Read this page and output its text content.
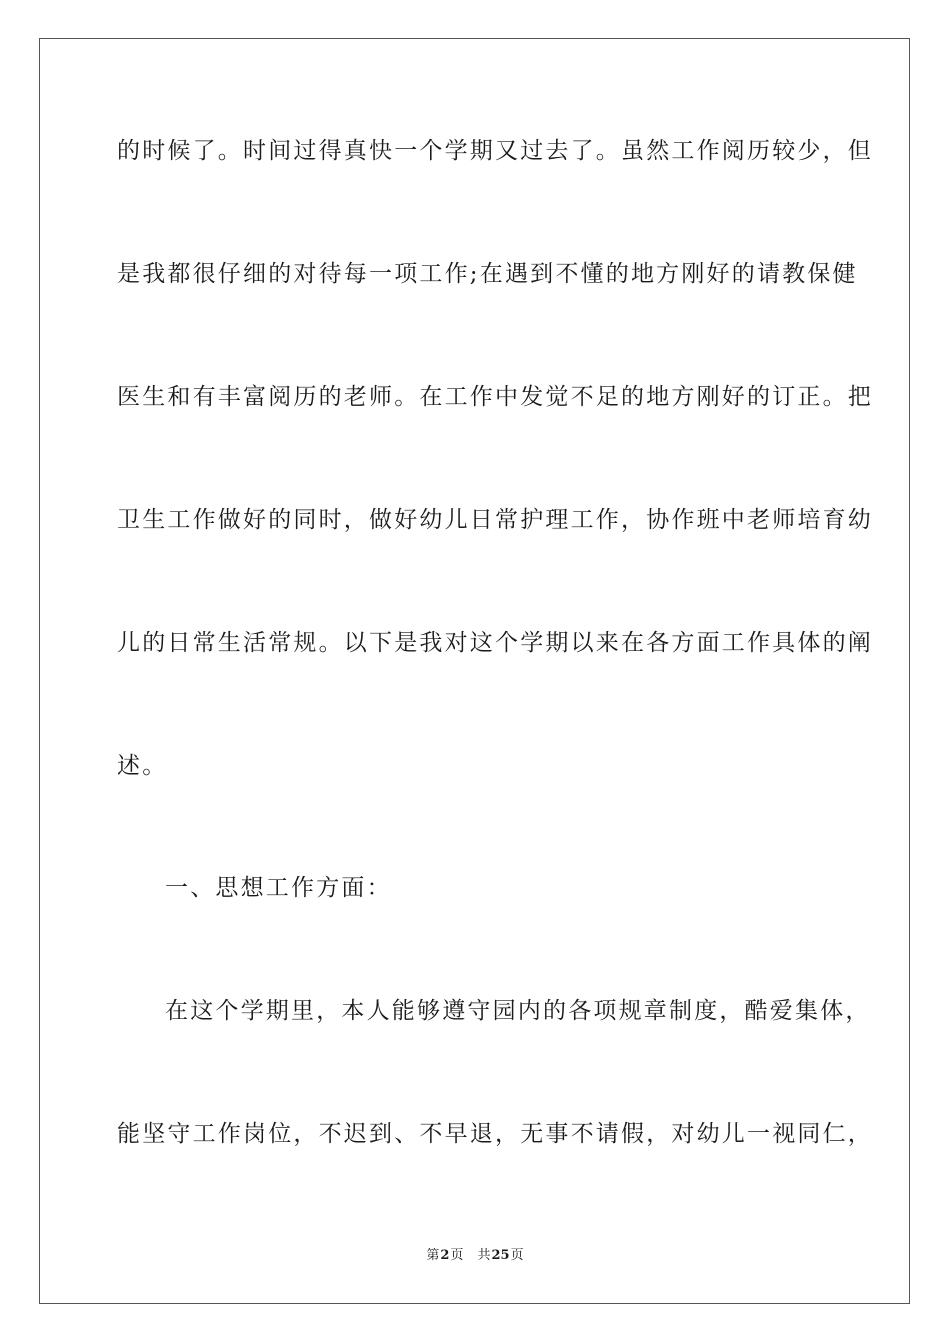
的时候了。时间过得真快一个学期又过去了。虽然工作阅历较少，但
是我都很仔细的对待每一项工作;在遇到不懂的地方刚好的请教保健
医生和有丰富阅历的老师。在工作中发觉不足的地方刚好的订正。把
卫生工作做好的同时，做好幼儿日常护理工作，协作班中老师培育幼
儿的日常生活常规。以下是我对这个学期以来在各方面工作具体的阐
述。
一、思想工作方面：
在这个学期里，本人能够遵守园内的各项规章制度，酷爱集体，
能坚守工作岗位，不迟到、不早退，无事不请假，对幼儿一视同仁，
第2页 共25页
